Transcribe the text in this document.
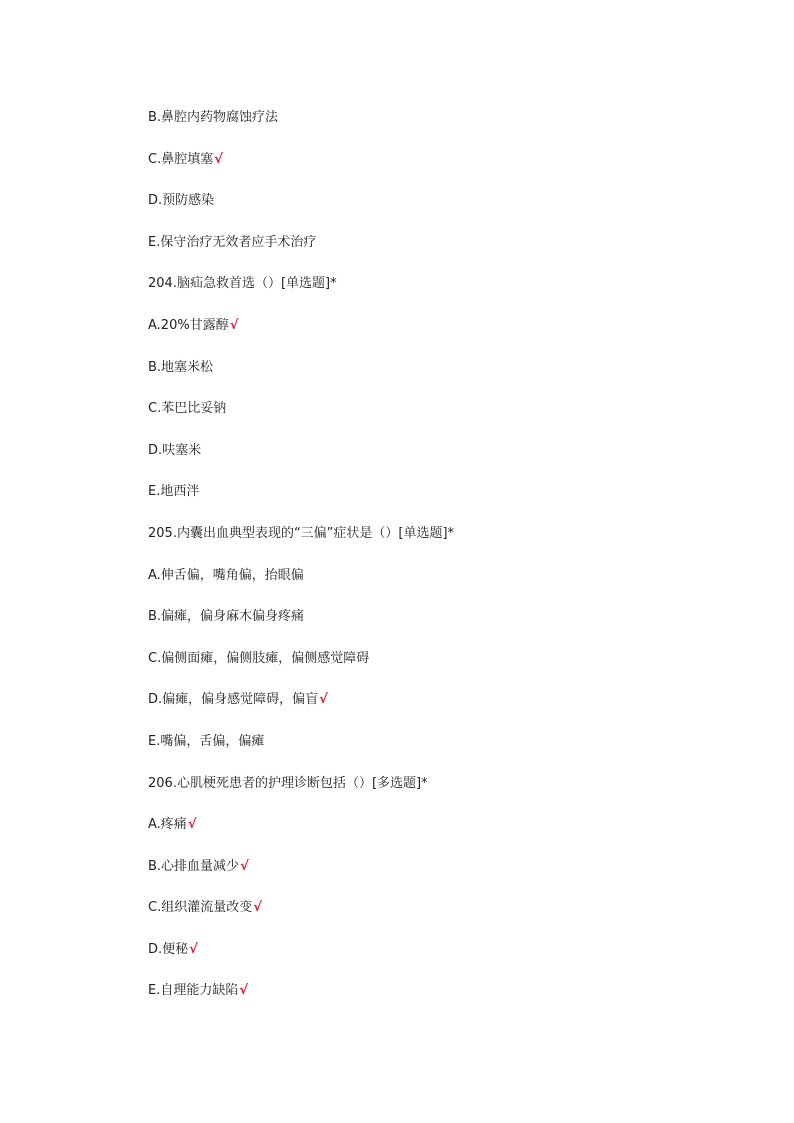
B.鼻腔内药物腐蚀疗法
C.鼻腔填塞√
D.预防感染
E.保守治疗无效者应手术治疗
204.脑疝急救首选（）[单选题]*
A.20%甘露醇√
B.地塞米松
C.苯巴比妥钠
D.呋塞米
E.地西泮
205.内囊出血典型表现的“三偏”症状是（）[单选题]*
A.伸舌偏，嘴角偏，抬眼偏
B.偏瘫，偏身麻木偏身疼痛
C.偏侧面瘫，偏侧肢瘫，偏侧感觉障碍
D.偏瘫，偏身感觉障碍，偏盲√
E.嘴偏，舌偏，偏瘫
206.心肌梗死患者的护理诊断包括（）[多选题]*
A.疼痛√
B.心排血量减少√
C.组织灌流量改变√
D.便秘√
E.自理能力缺陷√
